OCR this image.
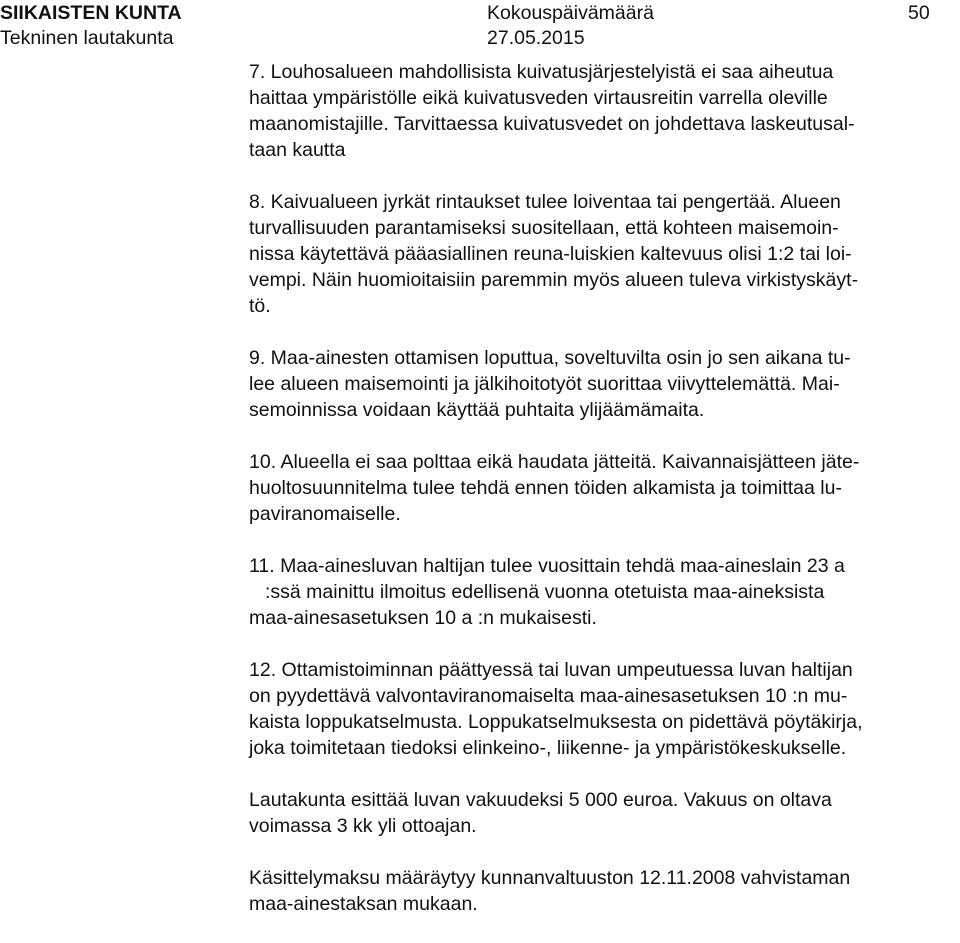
SIIKAISTEN KUNTA
Tekninen lautakunta
Kokouspäivämäärä
27.05.2015
50

7. Louhosalueen mahdollisista kuivatusjärjestelyistä ei saa aiheutua
haittaa ympäristölle eikä kuivatusveden virtausreitin varrella oleville
maanomistajille. Tarvittaessa kuivatusvedet on johdettava laskeutusal-
taan kautta

8. Kaivualueen jyrkät rintaukset tulee loiventaa tai pengertää. Alueen
turvallisuuden parantamiseksi suositellaan, että kohteen maisemoin-
nissa käytettävä pääasiallinen reuna-luiskien kaltevuus olisi 1:2 tai loi-
vempi. Näin huomioitaisiin paremmin myös alueen tuleva virkistyskäyt-
tö.

9. Maa-ainesten ottamisen loputtua, soveltuvilta osin jo sen aikana tu-
lee alueen maisemointi ja jälkihoitotyöt suorittaa viivyttelemättä. Mai-
semoinnissa voidaan käyttää puhtaita ylijäämämaita.

10. Alueella ei saa polttaa eikä haudata jätteitä. Kaivannaisjätteen jäte-
huoltosuunnitelma tulee tehdä ennen töiden alkamista ja toimittaa lu-
paviranomaiselle.

11. Maa-ainesluvan haltijan tulee vuosittain tehdä maa-aineslain 23 a
:ssä mainittu ilmoitus edellisenä vuonna otetuista maa-aineksista
maa-ainesasetuksen 10 a :n mukaisesti.

12. Ottamistoiminnan päättyessä tai luvan umpeutuessa luvan haltijan
on pyydettävä valvontaviranomaiselta maa-ainesasetuksen 10 :n mu-
kaista loppukatselmusta. Loppukatselmuksesta on pidettävä pöytäkirja,
joka toimitetaan tiedoksi elinkeino-, liikenne- ja ympäristökeskukselle.

Lautakunta esittää luvan vakuudeksi 5 000 euroa. Vakuus on oltava
voimassa 3 kk yli ottoajan.

Käsittelymaksu määräytyy kunnanvaltuuston 12.11.2008 vahvistaman
maa-ainestaksan mukaan.
